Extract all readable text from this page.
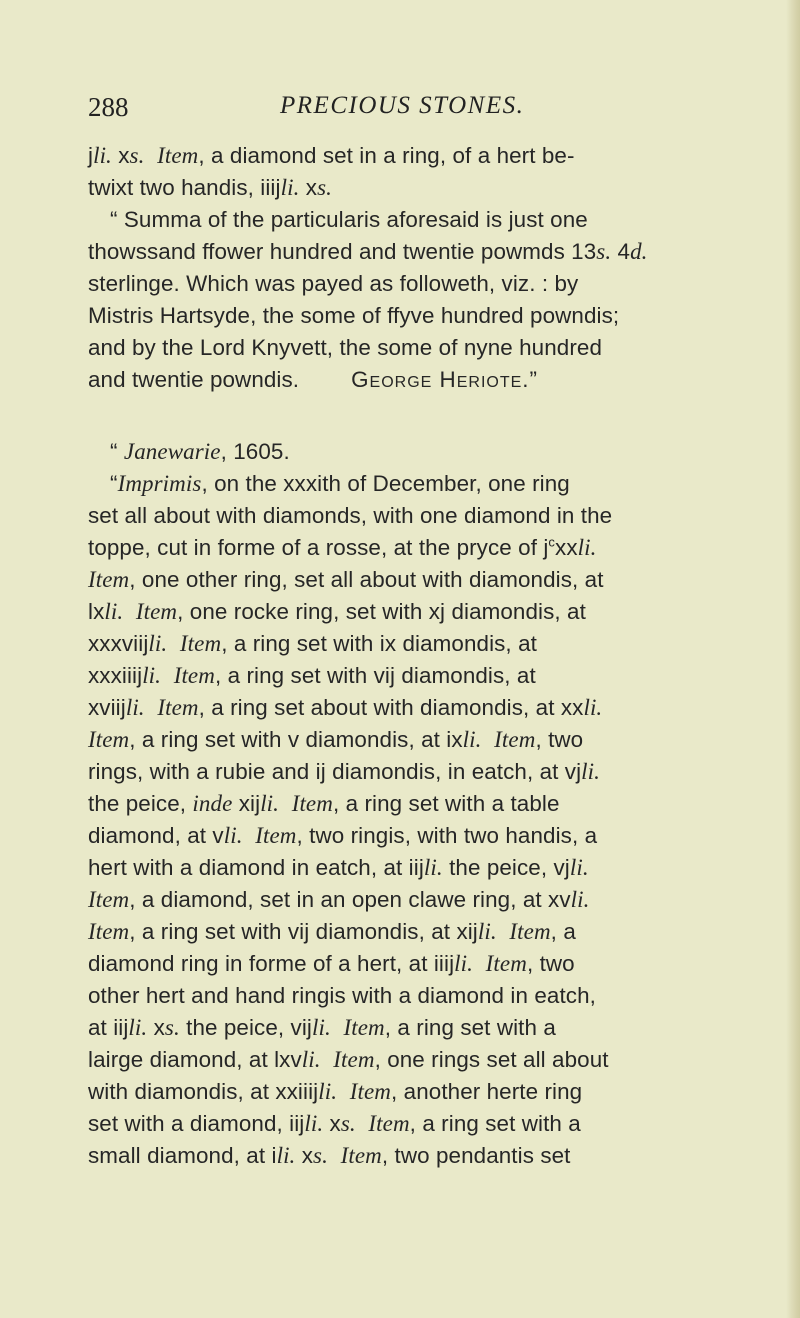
288	PRECIOUS STONES.
jli. xs. Item, a diamond set in a ring, of a hert be-
twixt two handis, iiijli. xs.
“ Summa of the particularis aforesaid is just one
thowssand ffower hundred and twentie powmds 13s. 4d.
sterlinge. Which was payed as followeth, viz. : by
Mistris Hartsyde, the some of ffyve hundred powndis;
and by the Lord Knyvett, the some of nyne hundred
and twentie powndis. George Heriote.”
“ Janewarie, 1605.
“Imprimis, on the xxxith of December, one ring
set all about with diamonds, with one diamond in the
toppe, cut in forme of a rosse, at the pryce of $j^cxxli$.
Item, one other ring, set all about with diamondis, at
lxli. Item, one rocke ring, set with xj diamondis, at
xxxviijli. Item, a ring set with ix diamondis, at
xxxiiijli. Item, a ring set with vij diamondis, at
xviijli. Item, a ring set about with diamondis, at xxli.
Item, a ring set with v diamondis, at ixli. Item, two
rings, with a rubie and ij diamondis, in eatch, at vjli.
the peice, inde xijli. Item, a ring set with a table
diamond, at vli. Item, two ringis, with two handis, a
hert with a diamond in eatch, at iijli. the peice, vjli.
Item, a diamond, set in an open clawe ring, at xvli.
Item, a ring set with vij diamondis, at xijli. Item, a
diamond ring in forme of a hert, at iiijli. Item, two
other hert and hand ringis with a diamond in eatch,
at iijli. xs. the peice, vijli. Item, a ring set with a
lairge diamond, at lxvli. Item, one rings set all about
with diamondis, at xxiiijli. Item, another herte ring
set with a diamond, iijli. xs. Item, a ring set with a
small diamond, at ili. xs. Item, two pendantis set
